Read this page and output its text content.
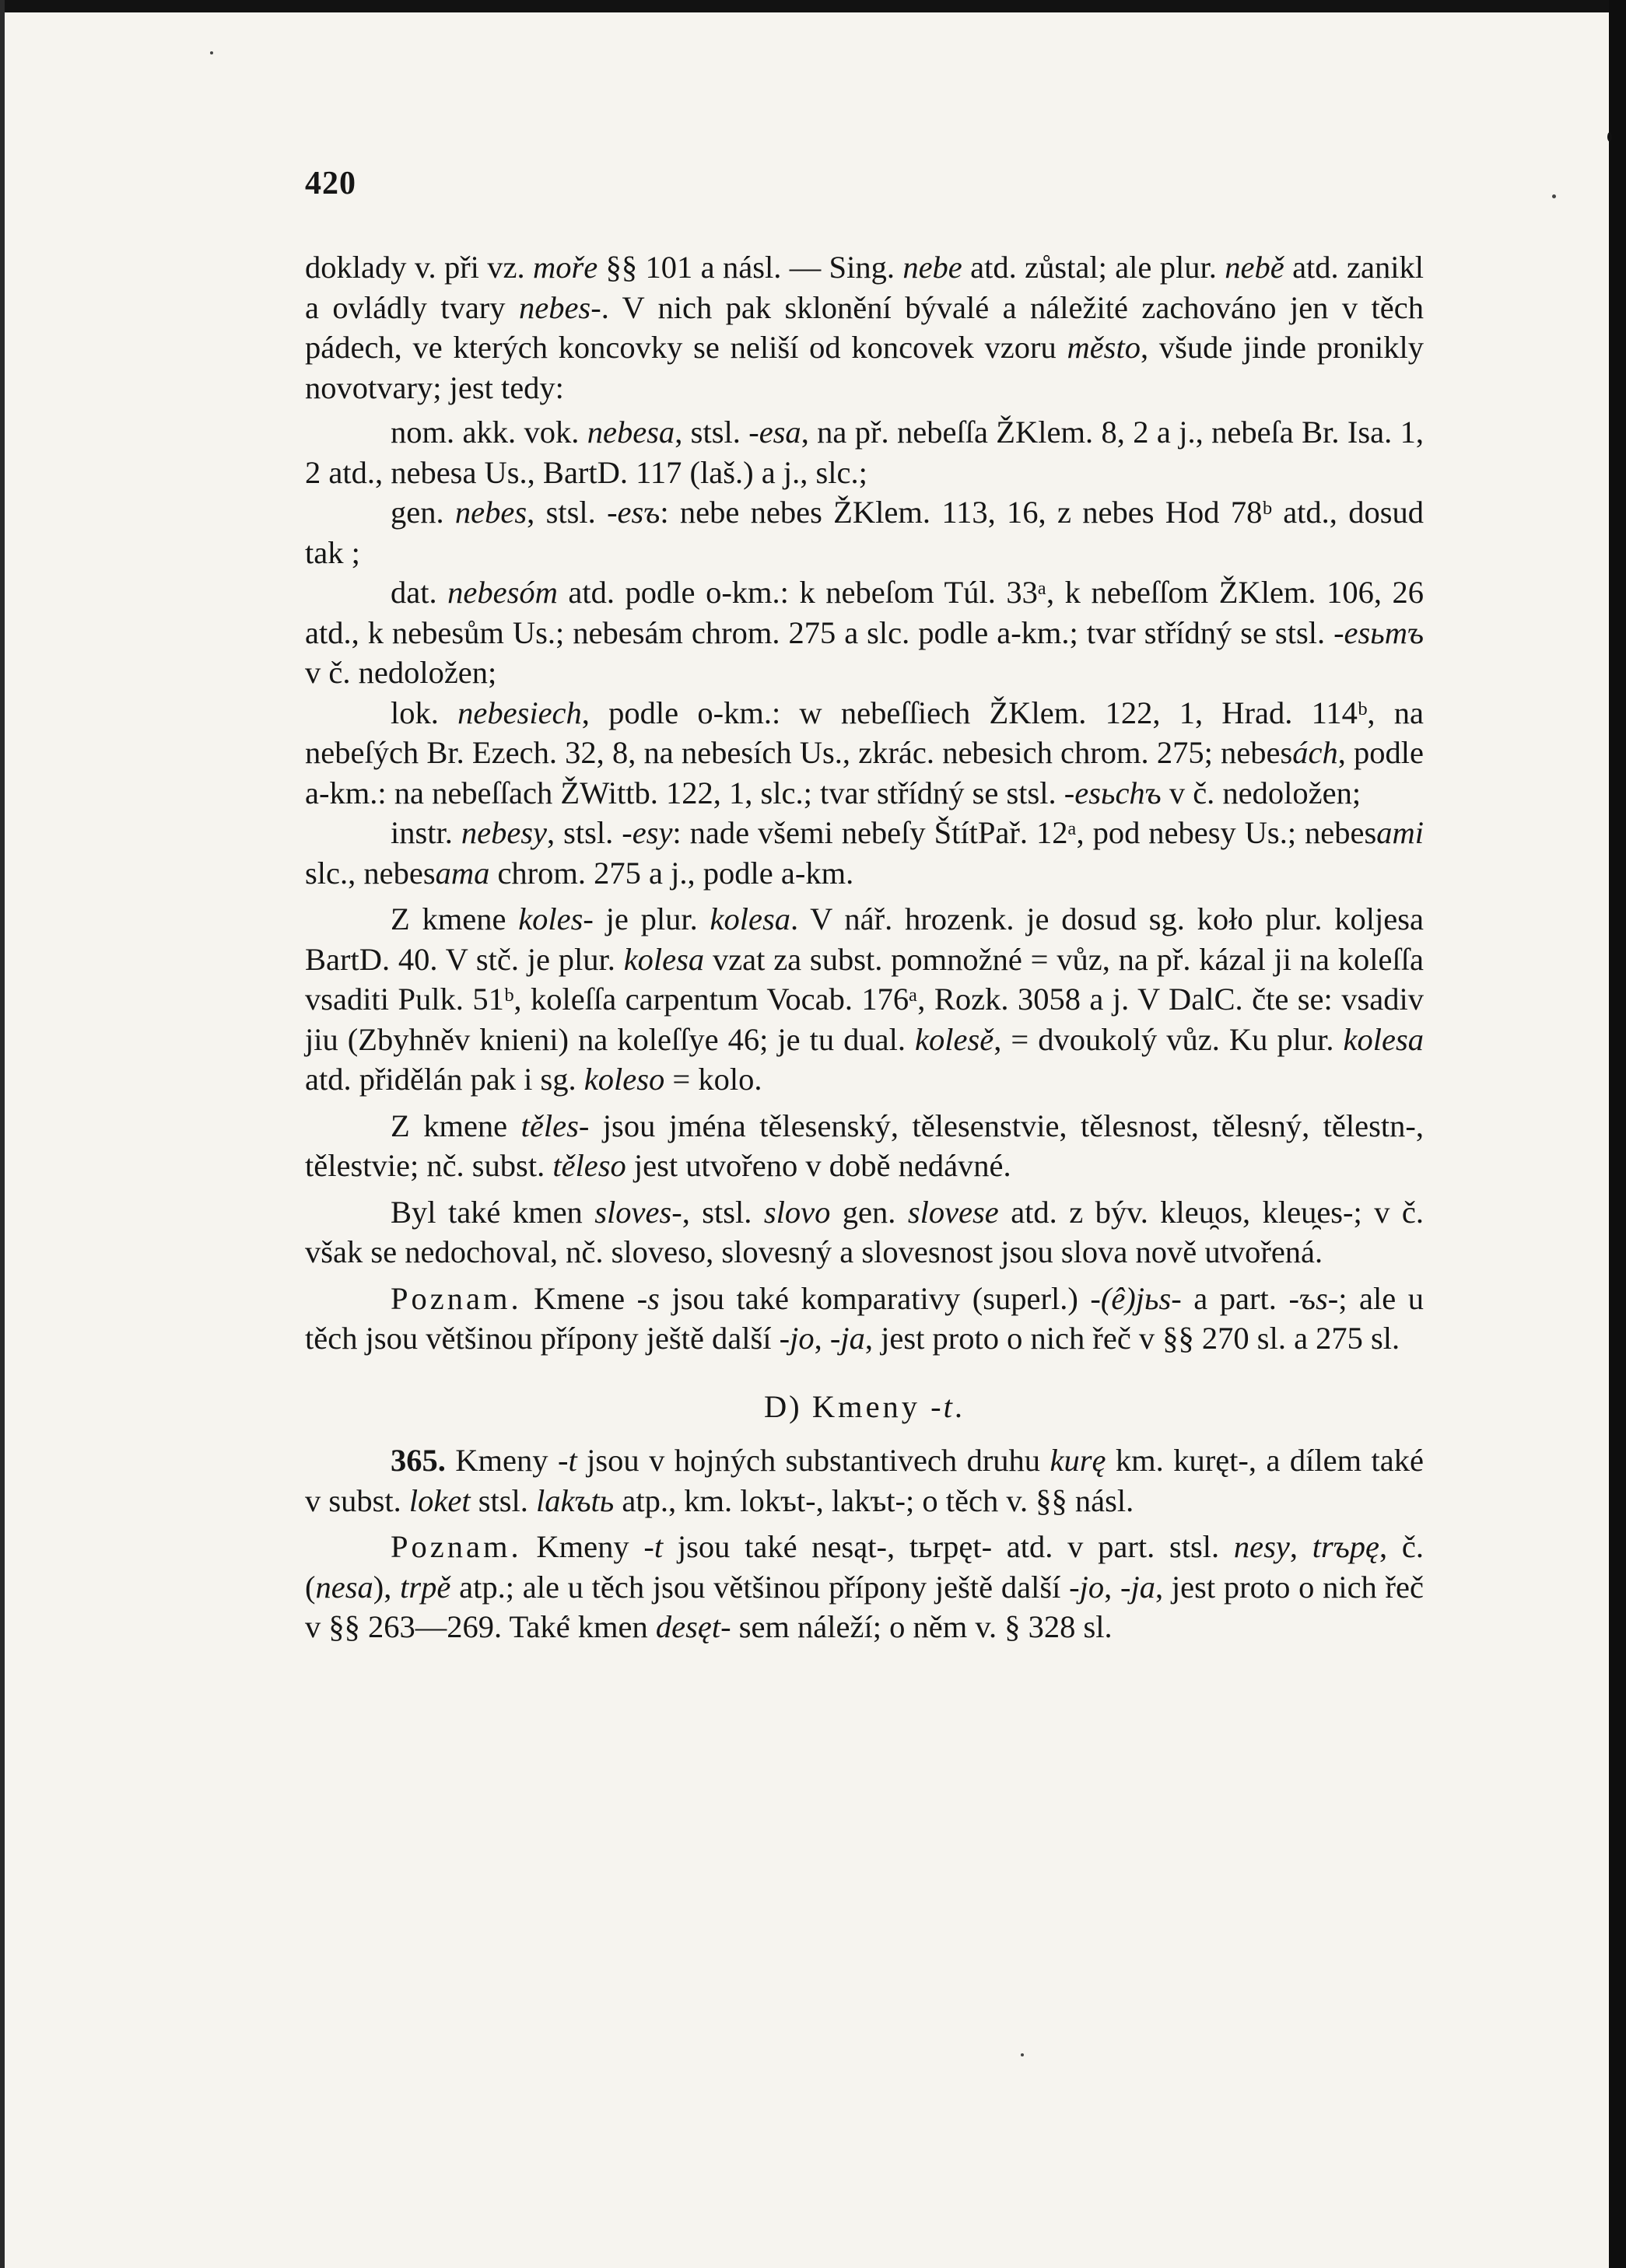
420

doklady v. při vz. moře §§ 101 a násl. — Sing. nebe atd. zůstal; ale plur. nebě atd. zanikl a ovládly tvary nebes-. V nich pak sklonění bývalé a náležité zachováno jen v těch pádech, ve kterých koncovky se neliší od koncovek vzoru město, všude jinde pronikly novotvary; jest tedy:

nom. akk. vok. nebesa, stsl. -esa, na př. nebeſſa ŽKlem. 8, 2 a j., nebeſa Br. Isa. 1, 2 atd., nebesa Us., BartD. 117 (laš.) a j., slc.;

gen. nebes, stsl. -esъ: nebe nebes ŽKlem. 113, 16, z nebes Hod 78ᵇ atd., dosud tak ;

dat. nebesóm atd. podle o-km.: k nebeſom Túl. 33ᵃ, k nebeſſom ŽKlem. 106, 26 atd., k nebesům Us.; nebesám chrom. 275 a slc. podle a-km.; tvar střídný se stsl. -esьmъ v č. nedoložen;

lok. nebesiech, podle o-km.: w nebeſſiech ŽKlem. 122, 1, Hrad. 114ᵇ, na nebeſých Br. Ezech. 32, 8, na nebesích Us., zkrác. nebesich chrom. 275; nebesách, podle a-km.: na nebeſſach ŽWittb. 122, 1, slc.; tvar střídný se stsl. -esьchъ v č. nedoložen;

instr. nebesy, stsl. -esy: nade všemi nebeſy ŠtítPař. 12ᵃ, pod nebesy Us.; nebesami slc., nebesama chrom. 275 a j., podle a-km.

Z kmene koles- je plur. kolesa. V nář. hrozenk. je dosud sg. koło plur. koljesa BartD. 40. V stč. je plur. kolesa vzat za subst. pomnožné = vůz, na př. kázal ji na koleſſa vsaditi Pulk. 51ᵇ, koleſſa carpentum Vocab. 176ᵃ, Rozk. 3058 a j. V DalC. čte se: vsadiv jiu (Zbyhněv knieni) na koleſſye 46; je tu dual. kolesě, = dvoukolý vůz. Ku plur. kolesa atd. přidělán pak i sg. koleso = kolo.

Z kmene těles- jsou jména tělesenský, tělesenstvie, tělesnost, tělesný, tělestn-, tělestvie; nč. subst. těleso jest utvořeno v době nedávné.

Byl také kmen sloves-, stsl. slovo gen. slovese atd. z býv. kleu̯os, kleu̯es-; v č. však se nedochoval, nč. sloveso, slovesný a slovesnost jsou slova nově utvořená.

Poznam. Kmene -s jsou také komparativy (superl.) -(ê)jьs- a part. -ъs-; ale u těch jsou většinou přípony ještě další -jo, -ja, jest proto o nich řeč v §§ 270 sl. a 275 sl.

D) Kmeny -t.

365. Kmeny -t jsou v hojných substantivech druhu kurę km. kuręt-, a dílem také v subst. loket stsl. lakъtь atp., km. lokъt-, lakъt-; o těch v. §§ násl.

Poznam. Kmeny -t jsou také nesąt-, tьrpęt- atd. v part. stsl. nesy, trъpę, č. (nesa), trpě atp.; ale u těch jsou většinou přípony ještě další -jo, -ja, jest proto o nich řeč v §§ 263—269. Také kmen desęt- sem náleží; o něm v. § 328 sl.
